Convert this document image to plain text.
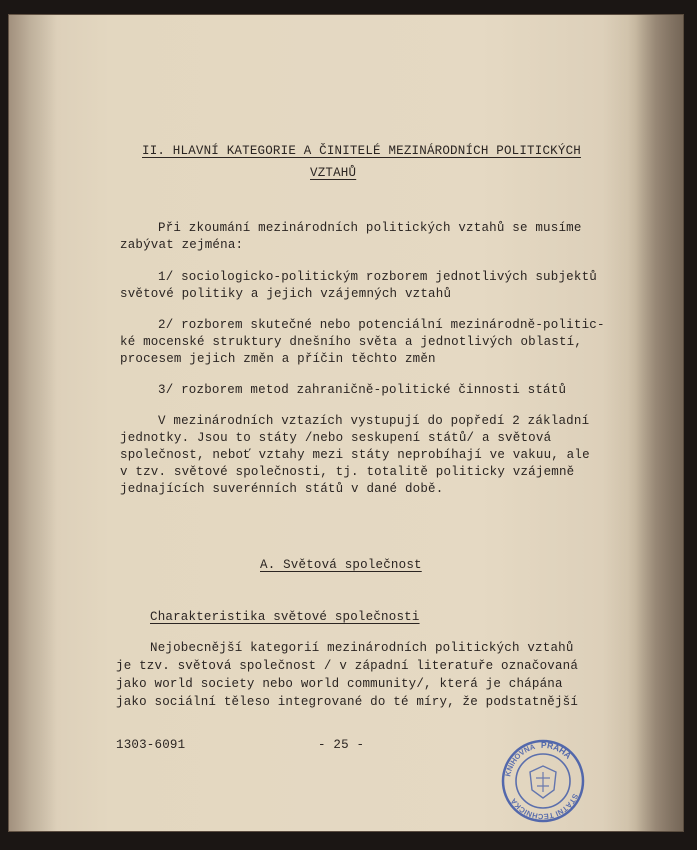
II. HLAVNÍ KATEGORIE A ČINITELÉ MEZINÁRODNÍCH POLITICKÝCH
VZTAHŮ
Při zkoumání mezinárodních politických vztahů se musíme
zabývat zejména:
1/ sociologicko-politickým rozborem jednotlivých subjektů
světové politiky a jejich vzájemných vztahů
2/ rozborem skutečné nebo potenciální mezinárodně-politic-
ké mocenské struktury dnešního světa a jednotlivých oblastí,
procesem jejich změn a příčin těchto změn
3/ rozborem metod zahraničně-politické činnosti států
V mezinárodních vztazích vystupují do popředí 2 základní
jednotky. Jsou to státy /nebo seskupení států/ a světová
společnost, neboť vztahy mezi státy neprobíhají ve vakuu, ale
v tzv. světové společnosti, tj. totalitě politicky vzájemně
jednajících suverénních států v dané době.
A. Světová společnost
Charakteristika světové společnosti
Nejobecnější kategorií mezinárodních politických vztahů
je tzv. světová společnost / v západní literatuře označovaná
jako world society nebo world community/, která je chápána
jako sociální těleso integrované do té míry, že podstatnější
1303-6091	- 25 -	PRAHA
STÁTNÍ TECHNICKÁ
KNIHOVNA
